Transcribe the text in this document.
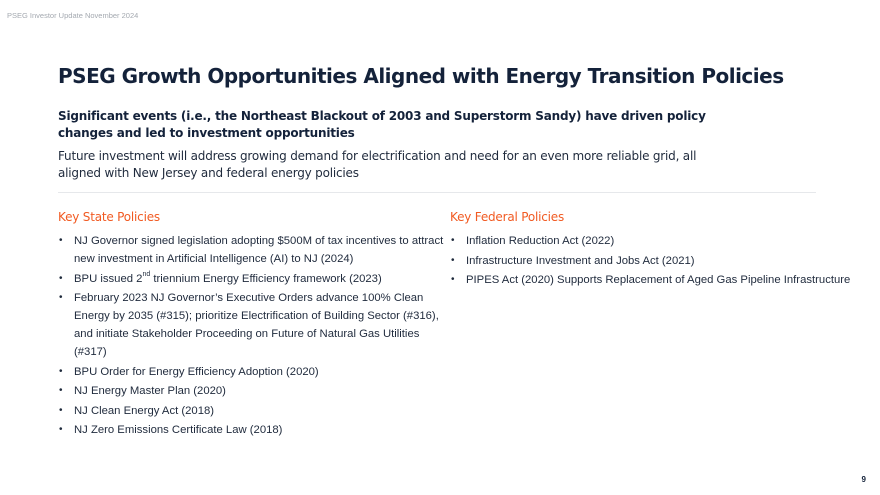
PSEG Investor Update November 2024
PSEG Growth Opportunities Aligned with Energy Transition Policies
Significant events (i.e., the Northeast Blackout of 2003 and Superstorm Sandy) have driven policy changes and led to investment opportunities
Future investment will address growing demand for electrification and need for an even more reliable grid, all aligned with New Jersey and federal energy policies
Key State Policies
• NJ Governor signed legislation adopting $500M of tax incentives to attract new investment in Artificial Intelligence (AI) to NJ (2024)
• BPU issued 2nd triennium Energy Efficiency framework (2023)
• February 2023 NJ Governor’s Executive Orders advance 100% Clean Energy by 2035 (#315); prioritize Electrification of Building Sector (#316), and initiate Stakeholder Proceeding on Future of Natural Gas Utilities (#317)
• BPU Order for Energy Efficiency Adoption (2020)
• NJ Energy Master Plan (2020)
• NJ Clean Energy Act (2018)
• NJ Zero Emissions Certificate Law (2018)
Key Federal Policies
• Inflation Reduction Act (2022)
• Infrastructure Investment and Jobs Act (2021)
• PIPES Act (2020) Supports Replacement of Aged Gas Pipeline Infrastructure
9
